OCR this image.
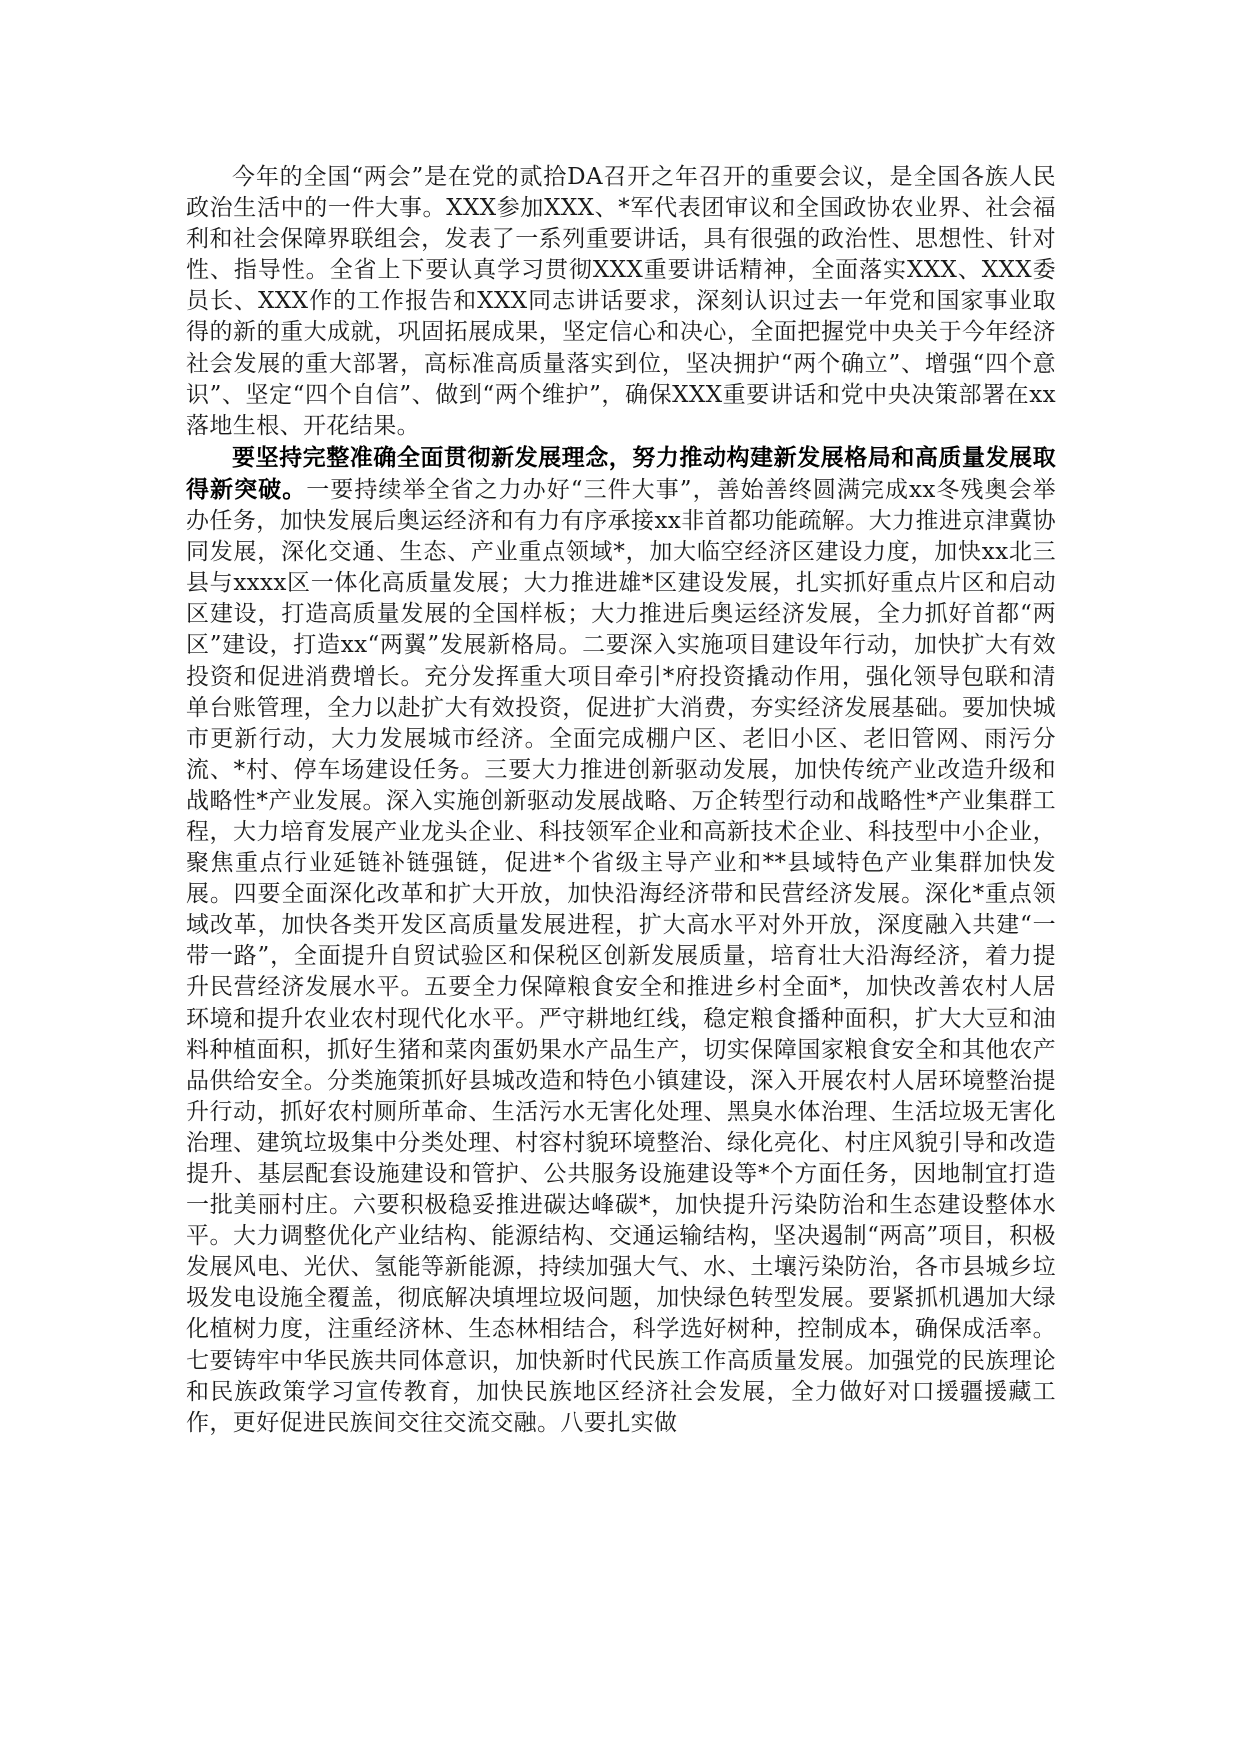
今年的全国“两会”是在党的贰拾DA召开之年召开的重要会议，是全国各族人民政治生活中的一件大事。XXX参加XXX、*军代表团审议和全国政协农业界、社会福利和社会保障界联组会，发表了一系列重要讲话，具有很强的政治性、思想性、针对性、指导性。全省上下要认真学习贯彻XXX重要讲话精神，全面落实XXX、XXX委员长、XXX作的工作报告和XXX同志讲话要求，深刻认识过去一年党和国家事业取得的新的重大成就，巩固拓展成果，坚定信心和决心，全面把握党中央关于今年经济社会发展的重大部署，高标准高质量落实到位，坚决拥护“两个确立”、增强“四个意识”、坚定“四个自信”、做到“两个维护”，确保XXX重要讲话和党中央决策部署在xx落地生根、开花结果。

要坚持完整准确全面贯彻新发展理念，努力推动构建新发展格局和高质量发展取得新突破。一要持续举全省之力办好“三件大事”，善始善终圆满完成xx冬残奥会举办任务，加快发展后奥运经济和有力有序承接xx非首都功能疏解。大力推进京津冀协同发展，深化交通、生态、产业重点领域*，加大临空经济区建设力度，加快xx北三县与xxxx区一体化高质量发展；大力推进雄*区建设发展，扎实抓好重点片区和启动区建设，打造高质量发展的全国样板；大力推进后奥运经济发展，全力抓好首都“两区”建设，打造xx“两翼”发展新格局。二要深入实施项目建设年行动，加快扩大有效投资和促进消费增长。充分发挥重大项目牵引*府投资撬动作用，强化领导包联和清单台账管理，全力以赴扩大有效投资，促进扩大消费，夯实经济发展基础。要加快城市更新行动，大力发展城市经济。全面完成棚户区、老旧小区、老旧管网、雨污分流、*村、停车场建设任务。三要大力推进创新驱动发展，加快传统产业改造升级和战略性*产业发展。深入实施创新驱动发展战略、万企转型行动和战略性*产业集群工程，大力培育发展产业龙头企业、科技领军企业和高新技术企业、科技型中小企业，聚焦重点行业延链补链强链，促进*个省级主导产业和**县域特色产业集群加快发展。四要全面深化改革和扩大开放，加快沿海经济带和民营经济发展。深化*重点领域改革，加快各类开发区高质量发展进程，扩大高水平对外开放，深度融入共建“一带一路”，全面提升自贸试验区和保税区创新发展质量，培育壮大沿海经济，着力提升民营经济发展水平。五要全力保障粮食安全和推进乡村全面*，加快改善农村人居环境和提升农业农村现代化水平。严守耕地红线，稳定粮食播种面积，扩大大豆和油料种植面积，抓好生猪和菜肉蛋奶果水产品生产，切实保障国家粮食安全和其他农产品供给安全。分类施策抓好县城改造和特色小镇建设，深入开展农村人居环境整治提升行动，抓好农村厕所革命、生活污水无害化处理、黑臭水体治理、生活垃圾无害化治理、建筑垃圾集中分类处理、村容村貌环境整治、绿化亮化、村庄风貌引导和改造提升、基层配套设施建设和管护、公共服务设施建设等*个方面任务，因地制宜打造一批美丽村庄。六要积极稳妥推进碳达峰碳*，加快提升污染防治和生态建设整体水平。大力调整优化产业结构、能源结构、交通运输结构，坚决遏制“两高”项目，积极发展风电、光伏、氢能等新能源，持续加强大气、水、土壤污染防治，各市县城乡垃圾发电设施全覆盖，彻底解决填埋垃圾问题，加快绿色转型发展。要紧抓机遇加大绿化植树力度，注重经济林、生态林相结合，科学选好树种，控制成本，确保成活率。七要铸牢中华民族共同体意识，加快新时代民族工作高质量发展。加强党的民族理论和民族政策学习宣传教育，加快民族地区经济社会发展，全力做好对口援疆援藏工作，更好促进民族间交往交流交融。八要扎实做
